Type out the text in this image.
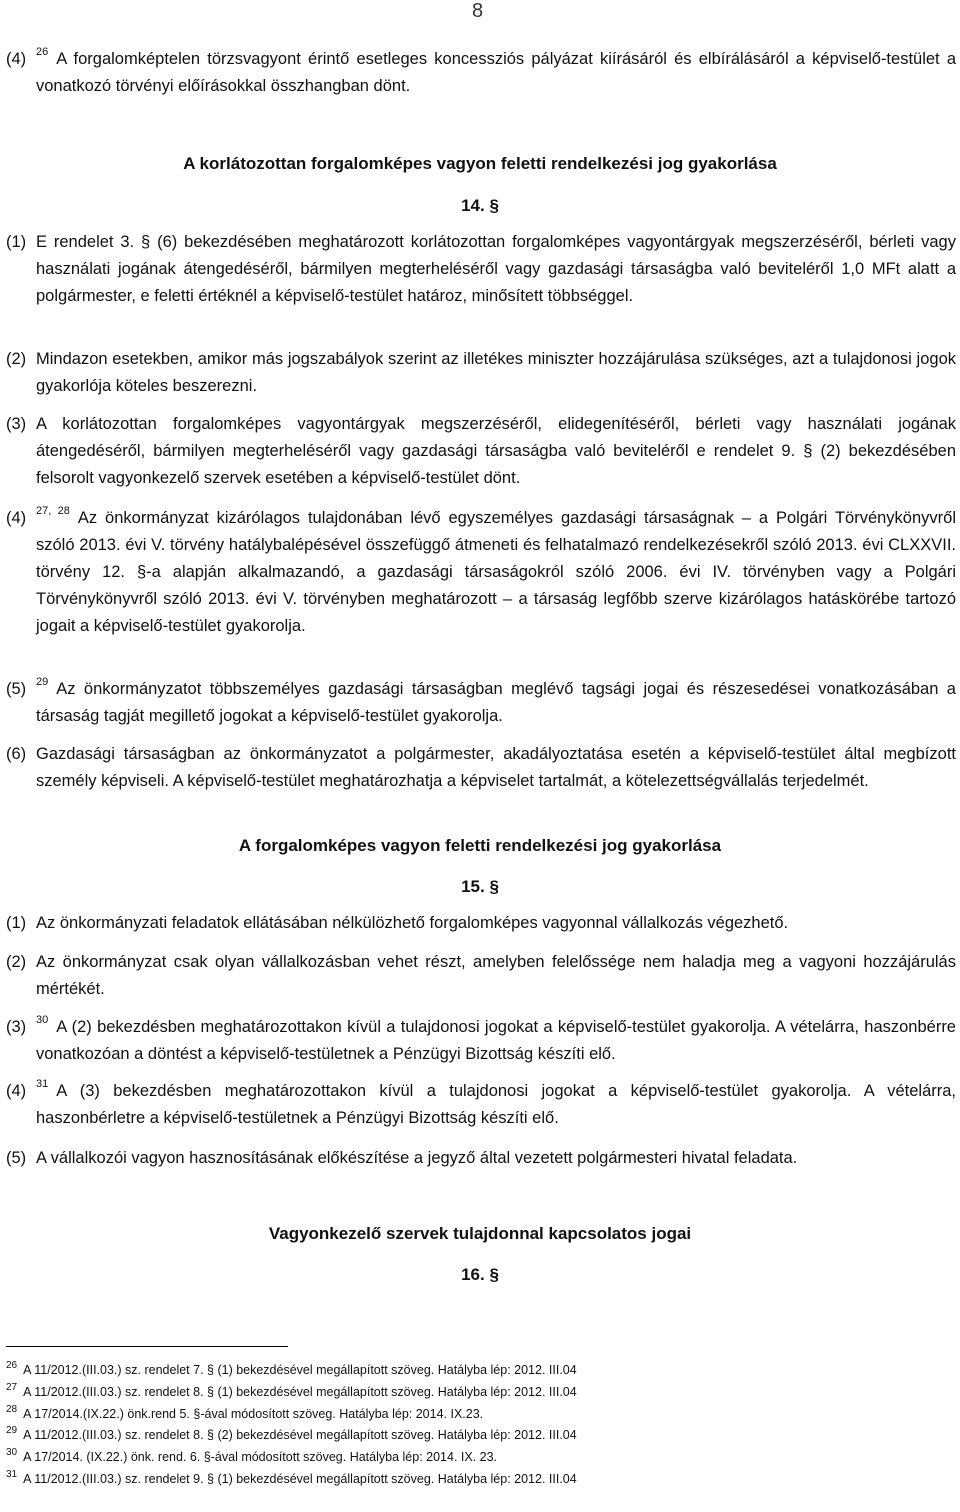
8
(4) $^{26}$ A forgalomképtelen törzsvagyont érintő esetleges koncessziós pályázat kiírásáról és elbírálásáról a képviselő-testület a vonatkozó törvényi előírásokkal összhangban dönt.
A korlátozottan forgalomképes vagyon feletti rendelkezési jog gyakorlása
14. §
(1) E rendelet 3. § (6) bekezdésében meghatározott korlátozottan forgalomképes vagyontárgyak megszerzéséről, bérleti vagy használati jogának átengedéséről, bármilyen megterheléséről vagy gazdasági társaságba való beviteléről 1,0 MFt alatt a polgármester, e feletti értéknél a képviselő-testület határoz, minősített többséggel.
(2) Mindazon esetekben, amikor más jogszabályok szerint az illetékes miniszter hozzájárulása szükséges, azt a tulajdonosi jogok gyakorlója köteles beszerezni.
(3) A korlátozottan forgalomképes vagyontárgyak megszerzéséről, elidegenítéséről, bérleti vagy használati jogának átengedéséről, bármilyen megterheléséről vagy gazdasági társaságba való beviteléről e rendelet 9. § (2) bekezdésében felsorolt vagyonkezelő szervek esetében a képviselő-testület dönt.
(4) $^{27, 28}$ Az önkormányzat kizárólagos tulajdonában lévő egyszemélyes gazdasági társaságnak – a Polgári Törvénykönyvről szóló 2013. évi V. törvény hatálybalépésével összefüggő átmeneti és felhatalmazó rendelkezésekről szóló 2013. évi CLXXVII. törvény 12. §-a alapján alkalmazandó, a gazdasági társaságokról szóló 2006. évi IV. törvényben vagy a Polgári Törvénykönyvről szóló 2013. évi V. törvényben meghatározott – a társaság legfőbb szerve kizárólagos hatáskörébe tartozó jogait a képviselő-testület gyakorolja.
(5) $^{29}$ Az önkormányzatot többszemélyes gazdasági társaságban meglévő tagsági jogai és részesedései vonatkozásában a társaság tagját megillető jogokat a képviselő-testület gyakorolja.
(6) Gazdasági társaságban az önkormányzatot a polgármester, akadályoztatása esetén a képviselő-testület által megbízott személy képviseli. A képviselő-testület meghatározhatja a képviselet tartalmát, a kötelezettségvállalás terjedelmét.
A forgalomképes vagyon feletti rendelkezési jog gyakorlása
15. §
(1) Az önkormányzati feladatok ellátásában nélkülözhető forgalomképes vagyonnal vállalkozás végezhető.
(2) Az önkormányzat csak olyan vállalkozásban vehet részt, amelyben felelőssége nem haladja meg a vagyoni hozzájárulás mértékét.
(3) $^{30}$ A (2) bekezdésben meghatározottakon kívül a tulajdonosi jogokat a képviselő-testület gyakorolja. A vételárra, haszonbérre vonatkozóan a döntést a képviselő-testületnek a Pénzügyi Bizottság készíti elő.
(4) $^{31}$ A (3) bekezdésben meghatározottakon kívül a tulajdonosi jogokat a képviselő-testület gyakorolja. A vételárra, haszonbérletre a képviselő-testületnek a Pénzügyi Bizottság készíti elő.
(5) A vállalkozói vagyon hasznosításának előkészítése a jegyző által vezetett polgármesteri hivatal feladata.
Vagyonkezelő szervek tulajdonnal kapcsolatos jogai
16. §
$^{26}$ A 11/2012.(III.03.) sz. rendelet 7. § (1) bekezdésével megállapított szöveg. Hatályba lép: 2012. III.04
$^{27}$ A 11/2012.(III.03.) sz. rendelet 8. § (1) bekezdésével megállapított szöveg. Hatályba lép: 2012. III.04
$^{28}$ A 17/2014.(IX.22.) önk.rend 5. §-ával módosított szöveg. Hatályba lép: 2014. IX.23.
$^{29}$ A 11/2012.(III.03.) sz. rendelet 8. § (2) bekezdésével megállapított szöveg. Hatályba lép: 2012. III.04
$^{30}$ A 17/2014. (IX.22.) önk. rend. 6. §-ával módosított szöveg. Hatályba lép: 2014. IX. 23.
$^{31}$ A 11/2012.(III.03.) sz. rendelet 9. § (1) bekezdésével megállapított szöveg. Hatályba lép: 2012. III.04
